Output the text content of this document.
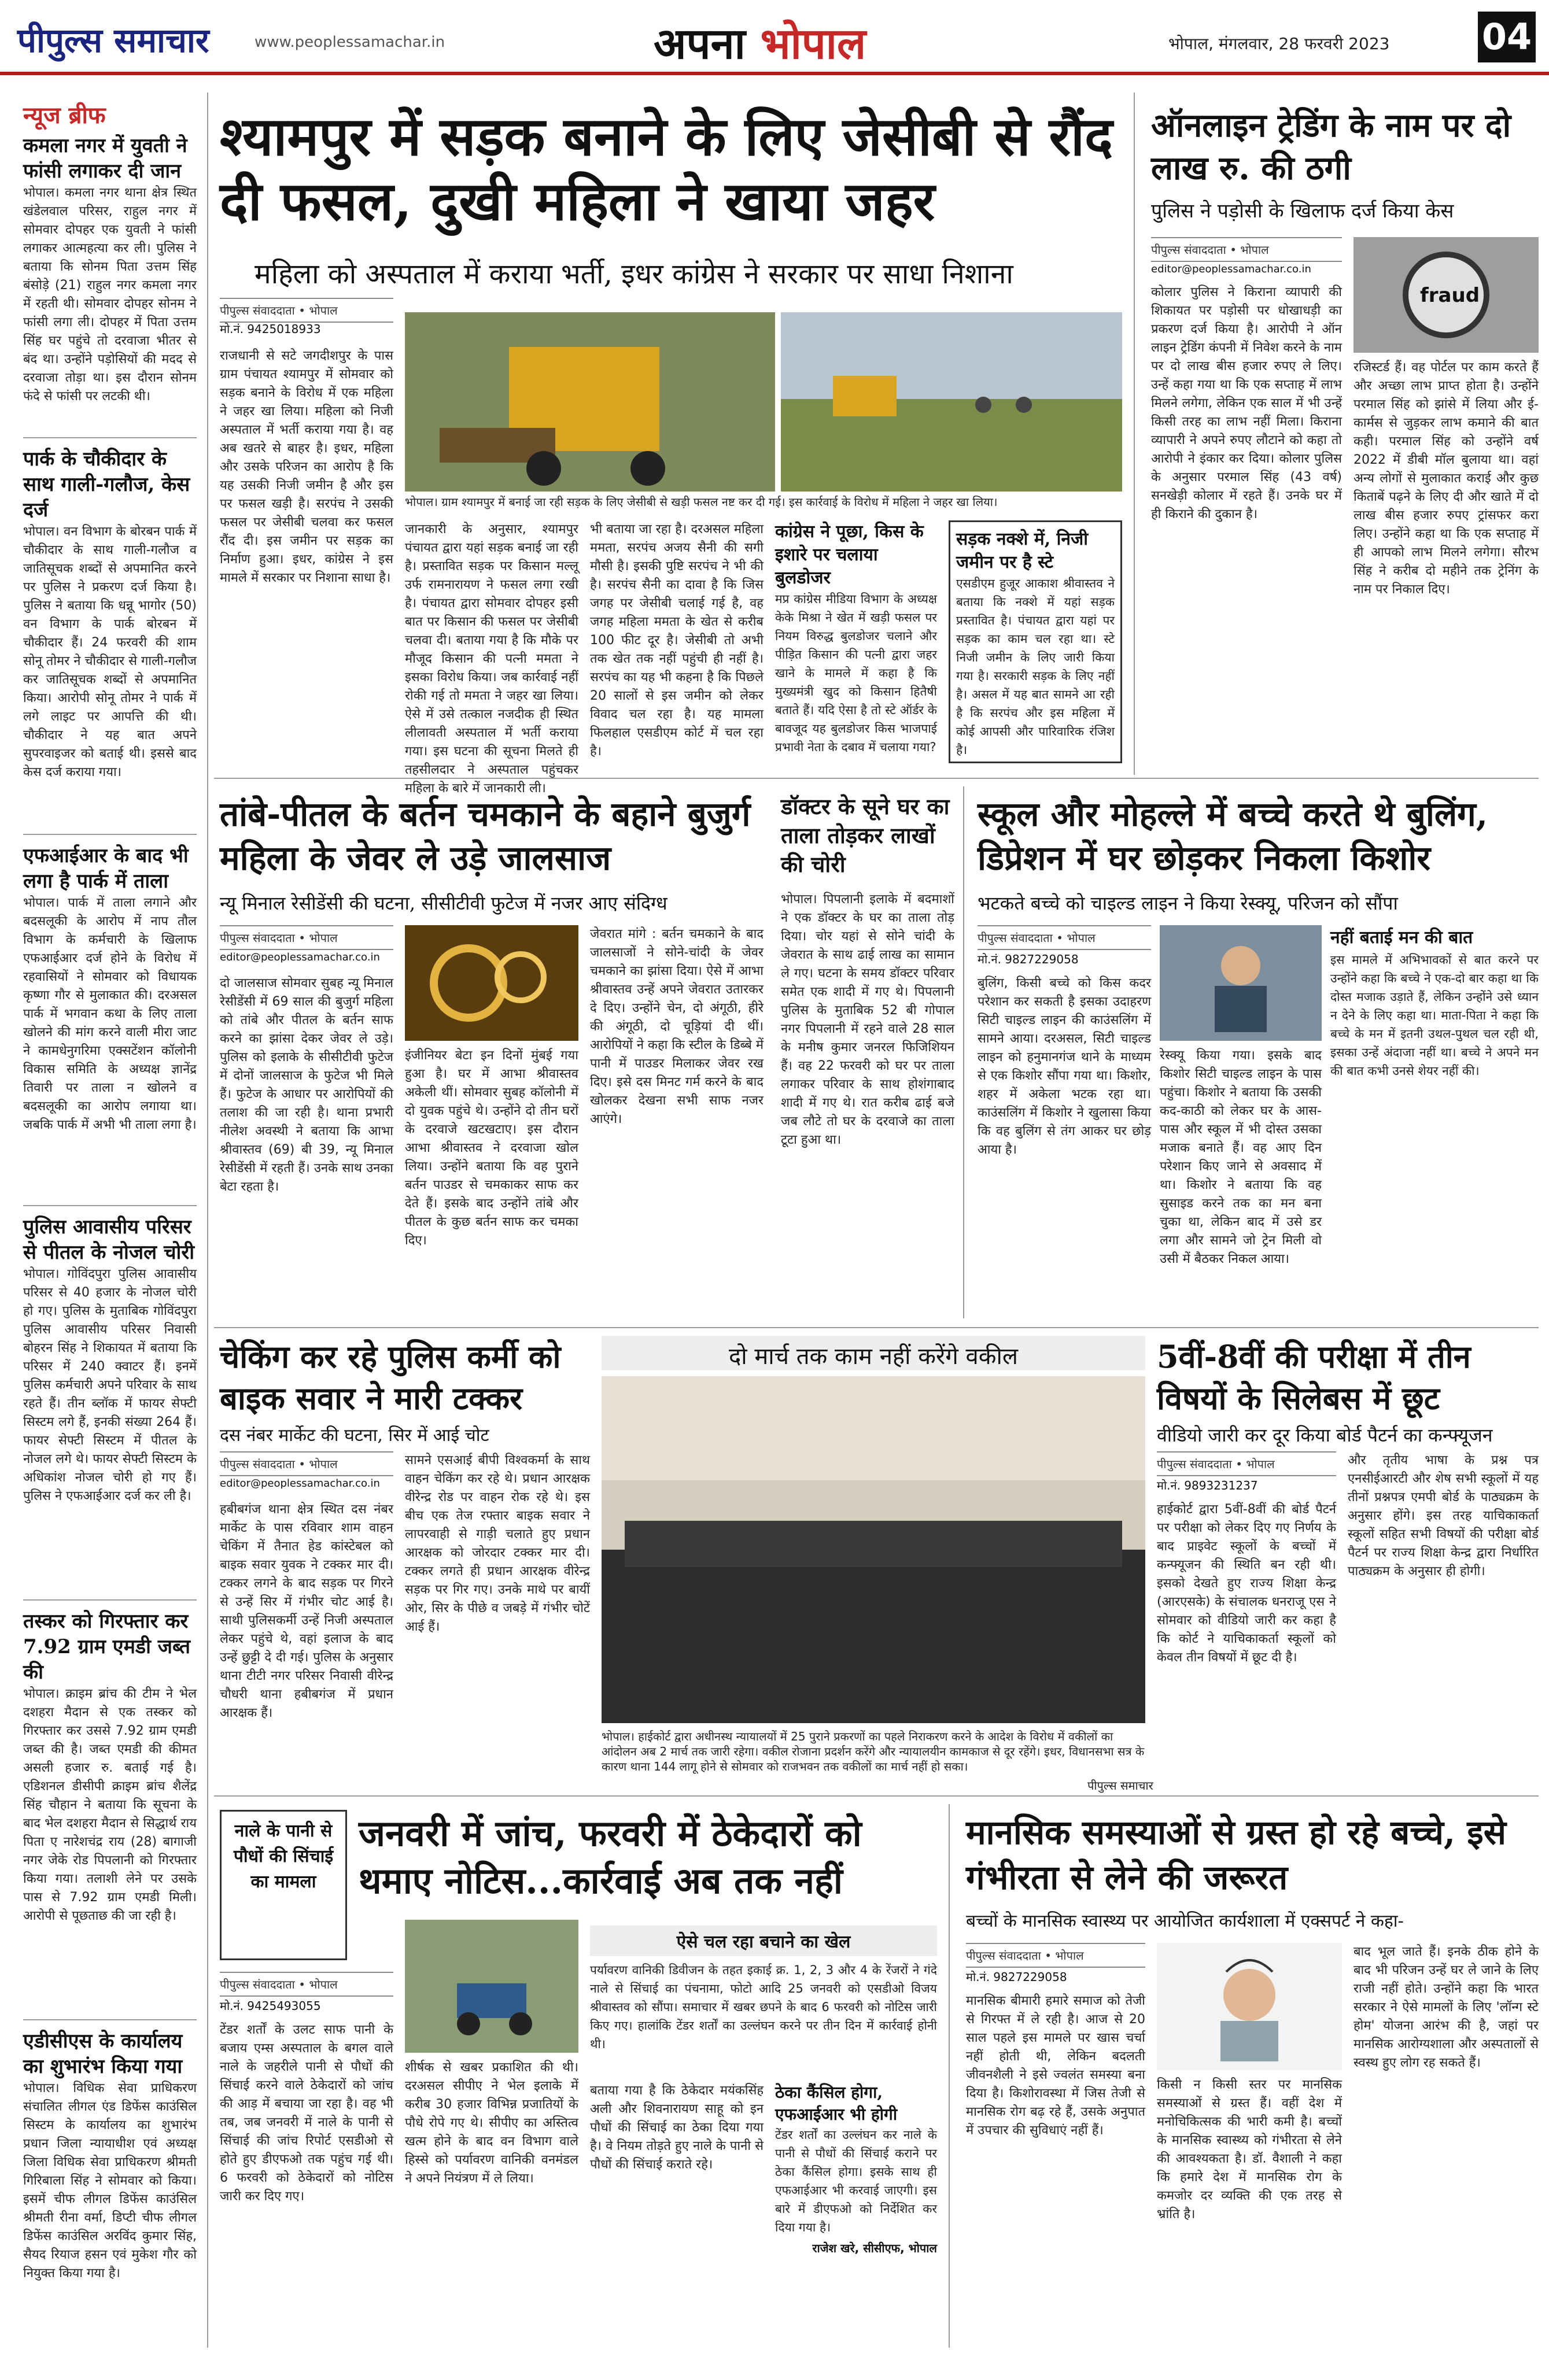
पीपुल्स समाचार	www.peoplessamachar.in	अपना भोपाल	भोपाल, मंगलवार, 28 फरवरी 2023	04
न्यूज ब्रीफ
कमला नगर में युवती ने फांसी लगाकर दी जान
भोपाल। कमला नगर थाना क्षेत्र स्थित खंडेलवाल परिसर, राहुल नगर में सोमवार दोपहर एक युवती ने फांसी लगाकर आत्महत्या कर ली। पुलिस ने बताया कि सोनम पिता उत्तम सिंह बंसोड़े (21) राहुल नगर कमला नगर में रहती थी। सोमवार दोपहर सोनम ने फांसी लगा ली। दोपहर में पिता उत्तम सिंह घर पहुंचे तो दरवाजा भीतर से बंद था। उन्होंने पड़ोसियों की मदद से दरवाजा तोड़ा था। इस दौरान सोनम फंदे से फांसी पर लटकी थी।
पार्क के चौकीदार के साथ गाली-गलौज, केस दर्ज
भोपाल। वन विभाग के बोरबन पार्क में चौकीदार के साथ गाली-गलौज व जातिसूचक शब्दों से अपमानित करने पर पुलिस ने प्रकरण दर्ज किया है। पुलिस ने बताया कि धन्नू भागोर (50) वन विभाग के पार्क बोरबन में चौकीदार हैं। 24 फरवरी की शाम सोनू तोमर ने चौकीदार से गाली-गलौज कर जातिसूचक शब्दों से अपमानित किया। आरोपी सोनू तोमर ने पार्क में लगे लाइट पर आपत्ति की थी। चौकीदार ने यह बात अपने सुपरवाइजर को बताई थी। इससे बाद केस दर्ज कराया गया।
एफआईआर के बाद भी लगा है पार्क में ताला
भोपाल। पार्क में ताला लगाने और बदसलूकी के आरोप में नाप तौल विभाग के कर्मचारी के खिलाफ एफआईआर दर्ज होने के विरोध में रहवासियों ने सोमवार को विधायक कृष्णा गौर से मुलाकात की। दरअसल पार्क में भगवान कथा के लिए ताला खोलने की मांग करने वाली मीरा जाट ने कामधेनुगरिमा एक्सटेंशन कॉलोनी विकास समिति के अध्यक्ष ज्ञानेंद्र तिवारी पर ताला न खोलने व बदसलूकी का आरोप लगाया था। जबकि पार्क में अभी भी ताला लगा है।
पुलिस आवासीय परिसर से पीतल के नोजल चोरी
भोपाल। गोविंदपुरा पुलिस आवासीय परिसर से 40 हजार के नोजल चोरी हो गए। पुलिस के मुताबिक गोविंदपुरा पुलिस आवासीय परिसर निवासी बोहरन सिंह ने शिकायत में बताया कि परिसर में 240 क्वाटर हैं। इनमें पुलिस कर्मचारी अपने परिवार के साथ रहते हैं। तीन ब्लॉक में फायर सेफ्टी सिस्टम लगे हैं, इनकी संख्या 264 हैं। फायर सेफ्टी सिस्टम में पीतल के नोजल लगे थे। फायर सेफ्टी सिस्टम के अधिकांश नोजल चोरी हो गए हैं। पुलिस ने एफआईआर दर्ज कर ली है।
तस्कर को गिरफ्तार कर 7.92 ग्राम एमडी जब्त की
भोपाल। क्राइम ब्रांच की टीम ने भेल दशहरा मैदान से एक तस्कर को गिरफ्तार कर उससे 7.92 ग्राम एमडी जब्त की है। जब्त एमडी की कीमत असली हजार रु. बताई गई है। एडिशनल डीसीपी क्राइम ब्रांच शैलेंद्र सिंह चौहान ने बताया कि सूचना के बाद भेल दशहरा मैदान से सिद्धार्थ राय पिता ए नारेशचंद्र राय (28) बागाजी नगर जेके रोड पिपलानी को गिरफ्तार किया गया। तलाशी लेने पर उसके पास से 7.92 ग्राम एमडी मिली। आरोपी से पूछताछ की जा रही है।
एडीसीएस के कार्यालय का शुभारंभ किया गया
भोपाल। विधिक सेवा प्राधिकरण संचालित लीगल एंड डिफेंस काउंसिल सिस्टम के कार्यालय का शुभारंभ प्रधान जिला न्यायाधीश एवं अध्यक्ष जिला विधिक सेवा प्राधिकरण श्रीमती गिरिबाला सिंह ने सोमवार को किया। इसमें चीफ लीगल डिफेंस काउंसिल श्रीमती रीना वर्मा, डिप्टी चीफ लीगल डिफेंस काउंसिल अरविंद कुमार सिंह, सैयद रियाज हसन एवं मुकेश गौर को नियुक्त किया गया है।
श्यामपुर में सड़क बनाने के लिए जेसीबी से रौंद दी फसल, दुखी महिला ने खाया जहर
महिला को अस्पताल में कराया भर्ती, इधर कांग्रेस ने सरकार पर साधा निशाना
पीपुल्स संवाददाता • भोपाल
मो.नं. 9425018933
भोपाल। ग्राम श्यामपुर में बनाई जा रही सड़क के लिए जेसीबी से खड़ी फसल नष्ट कर दी गई। इस कार्रवाई के विरोध में महिला ने जहर खा लिया।
राजधानी से सटे जगदीशपुर के पास ग्राम पंचायत श्यामपुर में सोमवार को सड़क बनाने के विरोध में एक महिला ने जहर खा लिया। महिला को निजी अस्पताल में भर्ती कराया गया है। वह अब खतरे से बाहर है। इधर, महिला और उसके परिजन का आरोप है कि यह उसकी निजी जमीन है और इस पर फसल खड़ी है। सरपंच ने उसकी फसल पर जेसीबी चलवा कर फसल रौंद दी। इस जमीन पर सड़क का निर्माण हुआ। इधर, कांग्रेस ने इस मामले में सरकार पर निशाना साधा है।
जानकारी के अनुसार, श्यामपुर पंचायत द्वारा यहां सड़क बनाई जा रही है। प्रस्तावित सड़क पर किसान मल्लू उर्फ रामनारायण ने फसल लगा रखी है। पंचायत द्वारा सोमवार दोपहर इसी बात पर किसान की फसल पर जेसीबी चलवा दी। बताया गया है कि मौके पर मौजूद किसान की पत्नी ममता ने इसका विरोध किया। जब कार्रवाई नहीं रोकी गई तो ममता ने जहर खा लिया। ऐसे में उसे तत्काल नजदीक ही स्थित लीलावती अस्पताल में भर्ती कराया गया। इस घटना की सूचना मिलते ही तहसीलदार ने अस्पताल पहुंचकर महिला के बारे में जानकारी ली।
भी बताया जा रहा है। दरअसल महिला ममता, सरपंच अजय सैनी की सगी मौसी है। इसकी पुष्टि सरपंच ने भी की है। सरपंच सैनी का दावा है कि जिस जगह पर जेसीबी चलाई गई है, वह जगह महिला ममता के खेत से करीब 100 फीट दूर है। जेसीबी तो अभी तक खेत तक नहीं पहुंची ही नहीं है। सरपंच का यह भी कहना है कि पिछले 20 सालों से इस जमीन को लेकर विवाद चल रहा है। यह मामला फिलहाल एसडीएम कोर्ट में चल रहा है।
कांग्रेस ने पूछा, किस के इशारे पर चलाया बुलडोजर
मप्र कांग्रेस मीडिया विभाग के अध्यक्ष केके मिश्रा ने खेत में खड़ी फसल पर नियम विरुद्ध बुलडोजर चलाने और पीड़ित किसान की पत्नी द्वारा जहर खाने के मामले में कहा है कि मुख्यमंत्री खुद को किसान हितैषी बताते हैं। यदि ऐसा है तो स्टे ऑर्डर के बावजूद यह बुलडोजर किस भाजपाई प्रभावी नेता के दबाव में चलाया गया?
सड़क नक्शे में, निजी जमीन पर है स्टे
एसडीएम हुजूर आकाश श्रीवास्तव ने बताया कि नक्शे में यहां सड़क प्रस्तावित है। पंचायत द्वारा यहां पर सड़क का काम चल रहा था। स्टे निजी जमीन के लिए जारी किया गया है। सरकारी सड़क के लिए नहीं है। असल में यह बात सामने आ रही है कि सरपंच और इस महिला में कोई आपसी और पारिवारिक रंजिश है।
ऑनलाइन ट्रेडिंग के नाम पर दो लाख रु. की ठगी
पुलिस ने पड़ोसी के खिलाफ दर्ज किया केस
पीपुल्स संवाददाता • भोपाल
editor@peoplessamachar.co.in
fraud
कोलार पुलिस ने किराना व्यापारी की शिकायत पर पड़ोसी पर धोखाधड़ी का प्रकरण दर्ज किया है। आरोपी ने ऑन लाइन ट्रेडिंग कंपनी में निवेश करने के नाम पर दो लाख बीस हजार रुपए ले लिए। उन्हें कहा गया था कि एक सप्ताह में लाभ मिलने लगेगा, लेकिन एक साल में भी उन्हें किसी तरह का लाभ नहीं मिला। किराना व्यापारी ने अपने रुपए लौटाने को कहा तो आरोपी ने इंकार कर दिया। कोलार पुलिस के अनुसार परमाल सिंह (43 वर्ष) सनखेड़ी कोलार में रहते हैं। उनके घर में ही किराने की दुकान है।
रजिस्टर्ड हैं। वह पोर्टल पर काम करते हैं और अच्छा लाभ प्राप्त होता है। उन्होंने परमाल सिंह को झांसे में लिया और ई-कार्मस से जुड़कर लाभ कमाने की बात कही। परमाल सिंह को उन्होंने वर्ष 2022 में डीबी मॉल बुलाया था। वहां अन्य लोगों से मुलाकात कराई और कुछ किताबें पढ़ने के लिए दी और खाते में दो लाख बीस हजार रुपए ट्रांसफर करा लिए। उन्होंने कहा था कि एक सप्ताह में ही आपको लाभ मिलने लगेगा। सौरभ सिंह ने करीब दो महीने तक ट्रेनिंग के नाम पर निकाल दिए।
तांबे-पीतल के बर्तन चमकाने के बहाने बुजुर्ग महिला के जेवर ले उड़े जालसाज
न्यू मिनाल रेसीडेंसी की घटना, सीसीटीवी फुटेज में नजर आए संदिग्ध
पीपुल्स संवाददाता • भोपाल
editor@peoplessamachar.co.in
दो जालसाज सोमवार सुबह न्यू मिनाल रेसीडेंसी में 69 साल की बुजुर्ग महिला को तांबे और पीतल के बर्तन साफ करने का झांसा देकर जेवर ले उड़े। पुलिस को इलाके के सीसीटीवी फुटेज में दोनों जालसाज के फुटेज भी मिले हैं। फुटेज के आधार पर आरोपियों की तलाश की जा रही है। थाना प्रभारी नीलेश अवस्थी ने बताया कि आभा श्रीवास्तव (69) बी 39, न्यू मिनाल रेसीडेंसी में रहती हैं। उनके साथ उनका बेटा रहता है।
इंजीनियर बेटा इन दिनों मुंबई गया हुआ है। घर में आभा श्रीवास्तव अकेली थीं। सोमवार सुबह कॉलोनी में दो युवक पहुंचे थे। उन्होंने दो तीन घरों के दरवाजे खटखटाए। इस दौरान आभा श्रीवास्तव ने दरवाजा खोल लिया। उन्होंने बताया कि वह पुराने बर्तन पाउडर से चमकाकर साफ कर देते हैं। इसके बाद उन्होंने तांबे और पीतल के कुछ बर्तन साफ कर चमका दिए।
जेवरात मांगे : बर्तन चमकाने के बाद जालसाजों ने सोने-चांदी के जेवर चमकाने का झांसा दिया। ऐसे में आभा श्रीवास्तव उन्हें अपने जेवरात उतारकर दे दिए। उन्होंने चेन, दो अंगूठी, हीरे की अंगूठी, दो चूड़ियां दी थीं। आरोपियों ने कहा कि स्टील के डिब्बे में पानी में पाउडर मिलाकर जेवर रख दिए। इसे दस मिनट गर्म करने के बाद खोलकर देखना सभी साफ नजर आएंगे।
डॉक्टर के सूने घर का ताला तोड़कर लाखों की चोरी
भोपाल। पिपलानी इलाके में बदमाशों ने एक डॉक्टर के घर का ताला तोड़ दिया। चोर यहां से सोने चांदी के जेवरात के साथ ढाई लाख का सामान ले गए। घटना के समय डॉक्टर परिवार समेत एक शादी में गए थे। पिपलानी पुलिस के मुताबिक 52 बी गोपाल नगर पिपलानी में रहने वाले 28 साल के मनीष कुमार जनरल फिजिशियन हैं। वह 22 फरवरी को घर पर ताला लगाकर परिवार के साथ होशंगाबाद शादी में गए थे। रात करीब ढाई बजे जब लौटे तो घर के दरवाजे का ताला टूटा हुआ था।
स्कूल और मोहल्ले में बच्चे करते थे बुलिंग, डिप्रेशन में घर छोड़कर निकला किशोर
भटकते बच्चे को चाइल्ड लाइन ने किया रेस्क्यू, परिजन को सौंपा
पीपुल्स संवाददाता • भोपाल
मो.नं. 9827229058
बुलिंग, किसी बच्चे को किस कदर परेशान कर सकती है इसका उदाहरण सिटी चाइल्ड लाइन की काउंसलिंग में सामने आया। दरअसल, सिटी चाइल्ड लाइन को हनुमानगंज थाने के माध्यम से एक किशोर सौंपा गया था। किशोर, शहर में अकेला भटक रहा था। काउंसलिंग में किशोर ने खुलासा किया कि वह बुलिंग से तंग आकर घर छोड़ आया है।
रेस्क्यू किया गया। इसके बाद किशोर सिटी चाइल्ड लाइन के पास पहुंचा। किशोर ने बताया कि उसकी कद-काठी को लेकर घर के आस-पास और स्कूल में भी दोस्त उसका मजाक बनाते हैं। वह आए दिन परेशान किए जाने से अवसाद में था। किशोर ने बताया कि वह सुसाइड करने तक का मन बना चुका था, लेकिन बाद में उसे डर लगा और सामने जो ट्रेन मिली वो उसी में बैठकर निकल आया।
नहीं बताई मन की बात
इस मामले में अभिभावकों से बात करने पर उन्होंने कहा कि बच्चे ने एक-दो बार कहा था कि दोस्त मजाक उड़ाते हैं, लेकिन उन्होंने उसे ध्यान न देने के लिए कहा था। माता-पिता ने कहा कि बच्चे के मन में इतनी उथल-पुथल चल रही थी, इसका उन्हें अंदाजा नहीं था। बच्चे ने अपने मन की बात कभी उनसे शेयर नहीं की।
चेकिंग कर रहे पुलिस कर्मी को बाइक सवार ने मारी टक्कर
दस नंबर मार्केट की घटना, सिर में आई चोट
पीपुल्स संवाददाता • भोपाल
editor@peoplessamachar.co.in
हबीबगंज थाना क्षेत्र स्थित दस नंबर मार्केट के पास रविवार शाम वाहन चेकिंग में तैनात हेड कांस्टेबल को बाइक सवार युवक ने टक्कर मार दी। टक्कर लगने के बाद सड़क पर गिरने से उन्हें सिर में गंभीर चोट आई है। साथी पुलिसकर्मी उन्हें निजी अस्पताल लेकर पहुंचे थे, वहां इलाज के बाद उन्हें छुट्टी दे दी गई। पुलिस के अनुसार थाना टीटी नगर परिसर निवासी वीरेन्द्र चौधरी थाना हबीबगंज में प्रधान आरक्षक हैं।
सामने एसआई बीपी विश्वकर्मा के साथ वाहन चेकिंग कर रहे थे। प्रधान आरक्षक वीरेन्द्र रोड पर वाहन रोक रहे थे। इस बीच एक तेज रफ्तार बाइक सवार ने लापरवाही से गाड़ी चलाते हुए प्रधान आरक्षक को जोरदार टक्कर मार दी। टक्कर लगते ही प्रधान आरक्षक वीरेन्द्र सड़क पर गिर गए। उनके माथे पर बायीं ओर, सिर के पीछे व जबड़े में गंभीर चोटें आई हैं।
दो मार्च तक काम नहीं करेंगे वकील
भोपाल। हाईकोर्ट द्वारा अधीनस्थ न्यायालयों में 25 पुराने प्रकरणों का पहले निराकरण करने के आदेश के विरोध में वकीलों का आंदोलन अब 2 मार्च तक जारी रहेगा। वकील रोजाना प्रदर्शन करेंगे और न्यायालयीन कामकाज से दूर रहेंगे। इधर, विधानसभा सत्र के कारण थाना 144 लागू होने से सोमवार को राजभवन तक वकीलों का मार्च नहीं हो सका।
पीपुल्स समाचार
5वीं-8वीं की परीक्षा में तीन विषयों के सिलेबस में छूट
वीडियो जारी कर दूर किया बोर्ड पैटर्न का कन्फ्यूजन
पीपुल्स संवाददाता • भोपाल
मो.नं. 9893231237
हाईकोर्ट द्वारा 5वीं-8वीं की बोर्ड पैटर्न पर परीक्षा को लेकर दिए गए निर्णय के बाद प्राइवेट स्कूलों के बच्चों में कन्फ्यूजन की स्थिति बन रही थी। इसको देखते हुए राज्य शिक्षा केन्द्र (आरएसके) के संचालक धनराजू एस ने सोमवार को वीडियो जारी कर कहा है कि कोर्ट ने याचिकाकर्ता स्कूलों को केवल तीन विषयों में छूट दी है।
और तृतीय भाषा के प्रश्न पत्र एनसीईआरटी और शेष सभी स्कूलों में यह तीनों प्रश्नपत्र एमपी बोर्ड के पाठ्यक्रम के अनुसार होंगे। इस तरह याचिकाकर्ता स्कूलों सहित सभी विषयों की परीक्षा बोर्ड पैटर्न पर राज्य शिक्षा केन्द्र द्वारा निर्धारित पाठ्यक्रम के अनुसार ही होगी।
नाले के पानी से पौधों की सिंचाई का मामला
जनवरी में जांच, फरवरी में ठेकेदारों को थमाए नोटिस...कार्रवाई अब तक नहीं
पीपुल्स संवाददाता • भोपाल
मो.नं. 9425493055
टेंडर शर्तों के उलट साफ पानी के बजाय एम्स अस्पताल के बगल वाले नाले के जहरीले पानी से पौधों की सिंचाई करने वाले ठेकेदारों को जांच की आड़ में बचाया जा रहा है। वह भी तब, जब जनवरी में नाले के पानी से सिंचाई की जांच रिपोर्ट एसडीओ से होते हुए डीएफओ तक पहुंच गई थी। 6 फरवरी को ठेकेदारों को नोटिस जारी कर दिए गए।
ऐसे चल रहा बचाने का खेल
पर्यावरण वानिकी डिवीजन के तहत इकाई क्र. 1, 2, 3 और 4 के रेंजरों ने गंदे नाले से सिंचाई का पंचनामा, फोटो आदि 25 जनवरी को एसडीओ विजय श्रीवास्तव को सौंपा। समाचार में खबर छपने के बाद 6 फरवरी को नोटिस जारी किए गए। हालांकि टेंडर शर्तों का उल्लंघन करने पर तीन दिन में कार्रवाई होनी थी।
शीर्षक से खबर प्रकाशित की थी। दरअसल सीपीए ने भेल इलाके में करीब 30 हजार विभिन्न प्रजातियों के पौधे रोपे गए थे। सीपीए का अस्तित्व खत्म होने के बाद वन विभाग वाले हिस्से को पर्यावरण वानिकी वनमंडल ने अपने नियंत्रण में ले लिया।
बताया गया है कि ठेकेदार मयंकसिंह अली और शिवनारायण साहू को इन पौधों की सिंचाई का ठेका दिया गया है। वे नियम तोड़ते हुए नाले के पानी से पौधों की सिंचाई कराते रहे।
ठेका कैंसिल होगा, एफआईआर भी होगी
टेंडर शर्तों का उल्लंघन कर नाले के पानी से पौधों की सिंचाई कराने पर ठेका कैंसिल होगा। इसके साथ ही एफआईआर भी करवाई जाएगी। इस बारे में डीएफओ को निर्देशित कर दिया गया है।
राजेश खरे, सीसीएफ, भोपाल
मानसिक समस्याओं से ग्रस्त हो रहे बच्चे, इसे गंभीरता से लेने की जरूरत
बच्चों के मानसिक स्वास्थ्य पर आयोजित कार्यशाला में एक्सपर्ट ने कहा-
पीपुल्स संवाददाता • भोपाल
मो.नं. 9827229058
मानसिक बीमारी हमारे समाज को तेजी से गिरफ्त में ले रही है। आज से 20 साल पहले इस मामले पर खास चर्चा नहीं होती थी, लेकिन बदलती जीवनशैली ने इसे ज्वलंत समस्या बना दिया है। किशोरावस्था में जिस तेजी से मानसिक रोग बढ़ रहे हैं, उसके अनुपात में उपचार की सुविधाएं नहीं हैं।
किसी न किसी स्तर पर मानसिक समस्याओं से ग्रस्त हैं। वहीं देश में मनोचिकित्सक की भारी कमी है। बच्चों के मानसिक स्वास्थ्य को गंभीरता से लेने की आवश्यकता है। डॉ. वैशाली ने कहा कि हमारे देश में मानसिक रोग के कमजोर दर व्यक्ति की एक तरह से भ्रांति है।
बाद भूल जाते हैं। इनके ठीक होने के बाद भी परिजन उन्हें घर ले जाने के लिए राजी नहीं होते। उन्होंने कहा कि भारत सरकार ने ऐसे मामलों के लिए 'लॉन्ग स्टे होम' योजना आरंभ की है, जहां पर मानसिक आरोग्यशाला और अस्पतालों से स्वस्थ हुए लोग रह सकते हैं।
